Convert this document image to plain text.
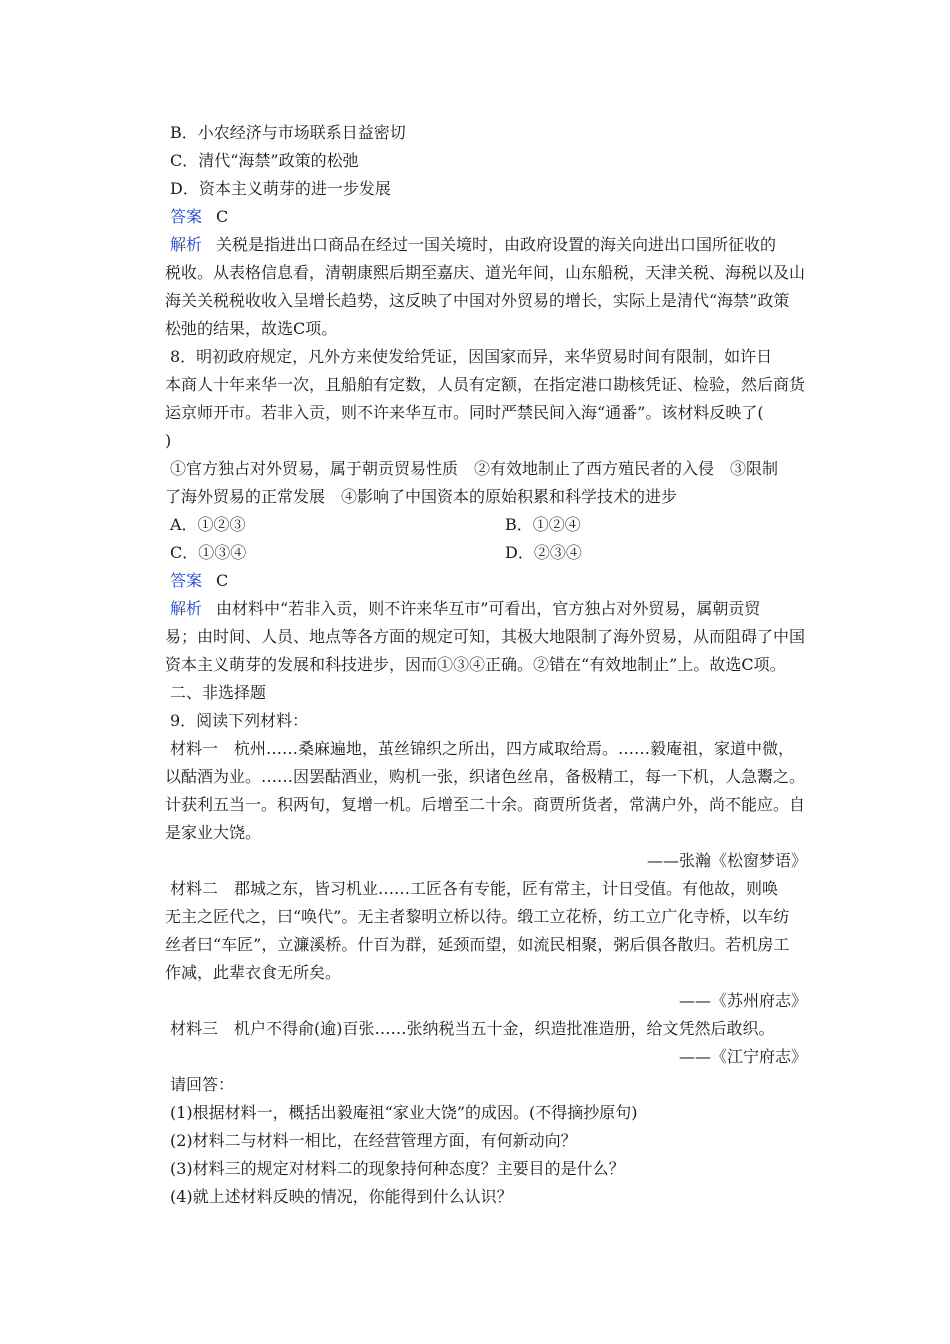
B．小农经济与市场联系日益密切
C．清代“海禁”政策的松弛
D．资本主义萌芽的进一步发展
答案 C
解析 关税是指进出口商品在经过一国关境时，由政府设置的海关向进出口国所征收的
税收。从表格信息看，清朝康熙后期至嘉庆、道光年间，山东船税，天津关税、海税以及山
海关关税税收收入呈增长趋势，这反映了中国对外贸易的增长，实际上是清代“海禁”政策
松弛的结果，故选C项。
8．明初政府规定，凡外方来使发给凭证，因国家而异，来华贸易时间有限制，如许日
本商人十年来华一次，且船舶有定数，人员有定额，在指定港口勘核凭证、检验，然后商货
运京师开市。若非入贡，则不许来华互市。同时严禁民间入海“通番”。该材料反映了(
)
①官方独占对外贸易，属于朝贡贸易性质　②有效地制止了西方殖民者的入侵　③限制
了海外贸易的正常发展　④影响了中国资本的原始积累和科学技术的进步
A．①②③	B．①②④
C．①③④	D．②③④
答案 C
解析 由材料中“若非入贡，则不许来华互市”可看出，官方独占对外贸易，属朝贡贸
易；由时间、人员、地点等各方面的规定可知，其极大地限制了海外贸易，从而阻碍了中国
资本主义萌芽的发展和科技进步，因而①③④正确。②错在“有效地制止”上。故选C项。
二、非选择题
9．阅读下列材料：
材料一　杭州……桑麻遍地，茧丝锦织之所出，四方咸取给焉。……毅庵祖，家道中微，
以酤酒为业。……因罢酤酒业，购机一张，织诸色丝帛，备极精工，每一下机，人急鬻之。
计获利五当一。积两旬，复增一机。后增至二十余。商贾所货者，常满户外，尚不能应。自
是家业大饶。
——张瀚《松窗梦语》
材料二　郡城之东，皆习机业……工匠各有专能，匠有常主，计日受值。有他故，则唤
无主之匠代之，曰“唤代”。无主者黎明立桥以待。缎工立花桥，纺工立广化寺桥，以车纺
丝者曰“车匠”，立濂溪桥。什百为群，延颈而望，如流民相聚，粥后俱各散归。若机房工
作减，此辈衣食无所矣。
——《苏州府志》
材料三　机户不得俞(逾)百张……张纳税当五十金，织造批准造册，给文凭然后敢织。
——《江宁府志》
请回答：
(1)根据材料一，概括出毅庵祖“家业大饶”的成因。(不得摘抄原句)
(2)材料二与材料一相比，在经营管理方面，有何新动向？
(3)材料三的规定对材料二的现象持何种态度？主要目的是什么？
(4)就上述材料反映的情况，你能得到什么认识？
